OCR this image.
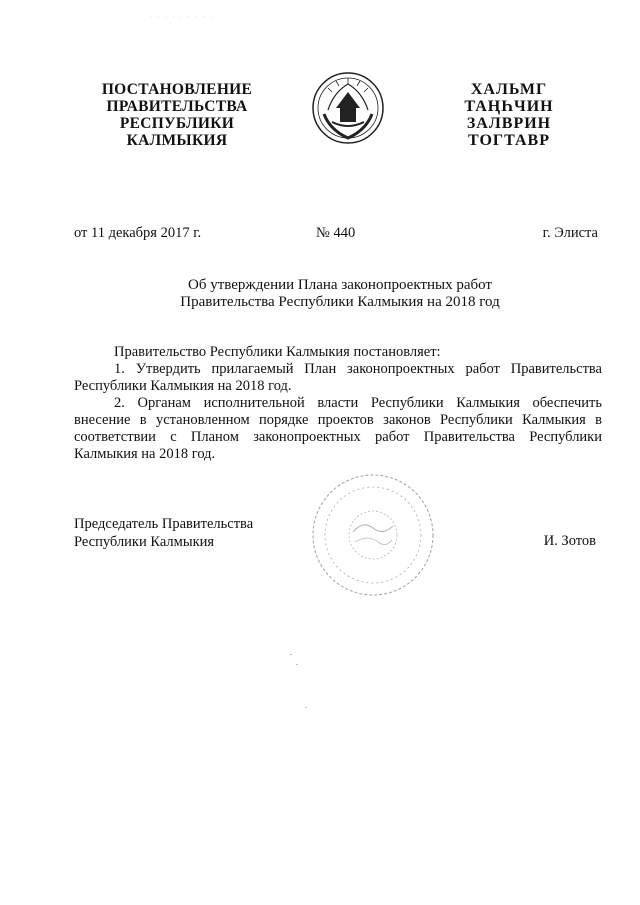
· · · · · · · · ·
ПОСТАНОВЛЕНИЕ
ПРАВИТЕЛЬСТВА
РЕСПУБЛИКИ
КАЛМЫКИЯ
ХАЛЬМГ
ТАҢҺЧИН
ЗАЛВРИН
ТОГТАВР
от 11 декабря 2017 г.	№ 440	г. Элиста
Об утверждении Плана законопроектных работ
Правительства Республики Калмыкия на 2018 год

Правительство Республики Калмыкия постановляет:

1. Утвердить прилагаемый План законопроектных работ Правительства Республики Калмыкия на 2018 год.

2. Органам исполнительной власти Республики Калмыкия обеспечить внесение в установленном порядке проектов законов Республики Калмыкия в соответствии с Планом законопроектных работ Правительства Республики Калмыкия на 2018 год.

Председатель Правительства
Республики Калмыкия	И. Зотов
